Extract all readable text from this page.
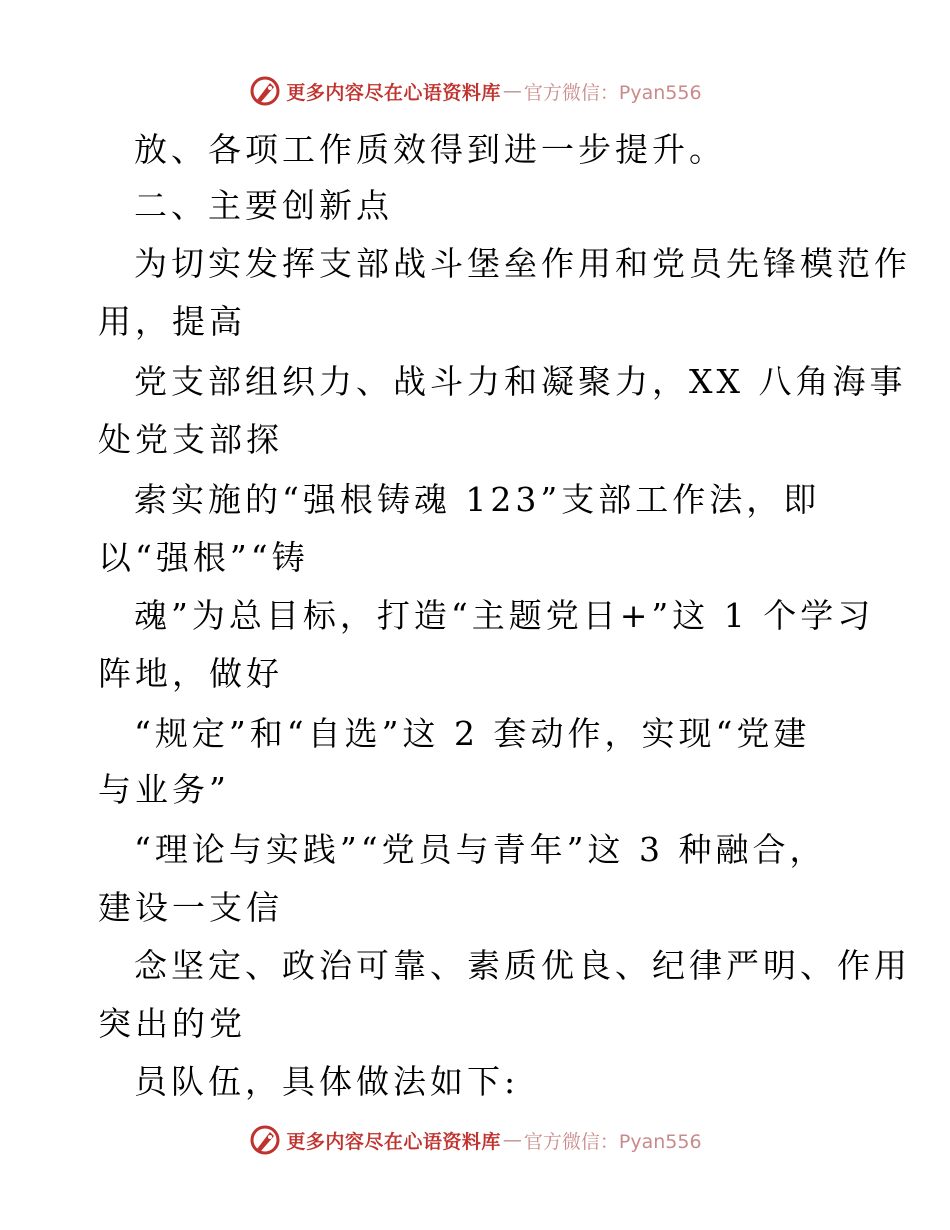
更多内容尽在心语资料库 — 官方微信：Pyan556
放、各项工作质效得到进一步提升。
二、主要创新点
为切实发挥支部战斗堡垒作用和党员先锋模范作
用，提高
党支部组织力、战斗力和凝聚力，XX 八角海事
处党支部探
索实施的“强根铸魂 123”支部工作法，即
以“强根”“铸
魂”为总目标，打造“主题党日+”这 1 个学习
阵地，做好
“规定”和“自选”这 2 套动作，实现“党建
与业务”
“理论与实践”“党员与青年”这 3 种融合，
建设一支信
念坚定、政治可靠、素质优良、纪律严明、作用
突出的党
员队伍，具体做法如下:
更多内容尽在心语资料库 — 官方微信：Pyan556
